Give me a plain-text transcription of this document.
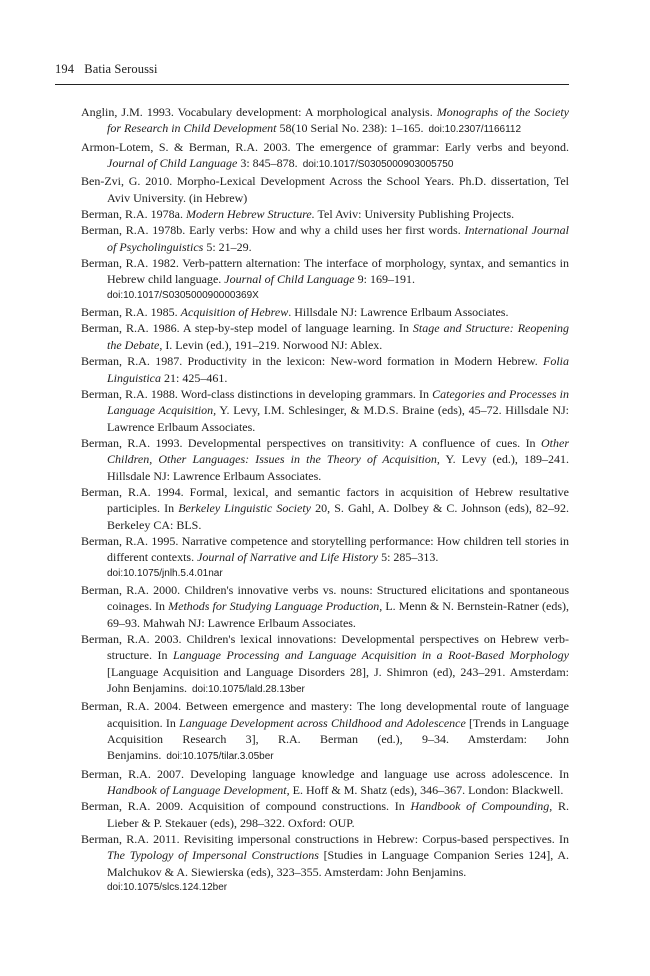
194 Batia Seroussi
Anglin, J.M. 1993. Vocabulary development: A morphological analysis. Monographs of the Society for Research in Child Development 58(10 Serial No. 238): 1–165. doi:10.2307/1166112
Armon-Lotem, S. & Berman, R.A. 2003. The emergence of grammar: Early verbs and beyond. Journal of Child Language 3: 845–878. doi:10.1017/S0305000903005750
Ben-Zvi, G. 2010. Morpho-Lexical Development Across the School Years. Ph.D. dissertation, Tel Aviv University. (in Hebrew)
Berman, R.A. 1978a. Modern Hebrew Structure. Tel Aviv: University Publishing Projects.
Berman, R.A. 1978b. Early verbs: How and why a child uses her first words. International Journal of Psycholinguistics 5: 21–29.
Berman, R.A. 1982. Verb-pattern alternation: The interface of morphology, syntax, and semantics in Hebrew child language. Journal of Child Language 9: 169–191.
doi:10.1017/S030500090000369X
Berman, R.A. 1985. Acquisition of Hebrew. Hillsdale NJ: Lawrence Erlbaum Associates.
Berman, R.A. 1986. A step-by-step model of language learning. In Stage and Structure: Reopening the Debate, I. Levin (ed.), 191–219. Norwood NJ: Ablex.
Berman, R.A. 1987. Productivity in the lexicon: New-word formation in Modern Hebrew. Folia Linguistica 21: 425–461.
Berman, R.A. 1988. Word-class distinctions in developing grammars. In Categories and Processes in Language Acquisition, Y. Levy, I.M. Schlesinger, & M.D.S. Braine (eds), 45–72. Hillsdale NJ: Lawrence Erlbaum Associates.
Berman, R.A. 1993. Developmental perspectives on transitivity: A confluence of cues. In Other Children, Other Languages: Issues in the Theory of Acquisition, Y. Levy (ed.), 189–241. Hillsdale NJ: Lawrence Erlbaum Associates.
Berman, R.A. 1994. Formal, lexical, and semantic factors in acquisition of Hebrew resultative participles. In Berkeley Linguistic Society 20, S. Gahl, A. Dolbey & C. Johnson (eds), 82–92. Berkeley CA: BLS.
Berman, R.A. 1995. Narrative competence and storytelling performance: How children tell stories in different contexts. Journal of Narrative and Life History 5: 285–313.
doi:10.1075/jnlh.5.4.01nar
Berman, R.A. 2000. Children's innovative verbs vs. nouns: Structured elicitations and spontaneous coinages. In Methods for Studying Language Production, L. Menn & N. Bernstein-Ratner (eds), 69–93. Mahwah NJ: Lawrence Erlbaum Associates.
Berman, R.A. 2003. Children's lexical innovations: Developmental perspectives on Hebrew verb-structure. In Language Processing and Language Acquisition in a Root-Based Morphology [Language Acquisition and Language Disorders 28], J. Shimron (ed), 243–291. Amsterdam: John Benjamins. doi:10.1075/lald.28.13ber
Berman, R.A. 2004. Between emergence and mastery: The long developmental route of language acquisition. In Language Development across Childhood and Adolescence [Trends in Language Acquisition Research 3], R.A. Berman (ed.), 9–34. Amsterdam: John Benjamins. doi:10.1075/tilar.3.05ber
Berman, R.A. 2007. Developing language knowledge and language use across adolescence. In Handbook of Language Development, E. Hoff & M. Shatz (eds), 346–367. London: Blackwell.
Berman, R.A. 2009. Acquisition of compound constructions. In Handbook of Compounding, R. Lieber & P. Stekauer (eds), 298–322. Oxford: OUP.
Berman, R.A. 2011. Revisiting impersonal constructions in Hebrew: Corpus-based perspectives. In The Typology of Impersonal Constructions [Studies in Language Companion Series 124], A. Malchukov & A. Siewierska (eds), 323–355. Amsterdam: John Benjamins.
doi:10.1075/slcs.124.12ber
